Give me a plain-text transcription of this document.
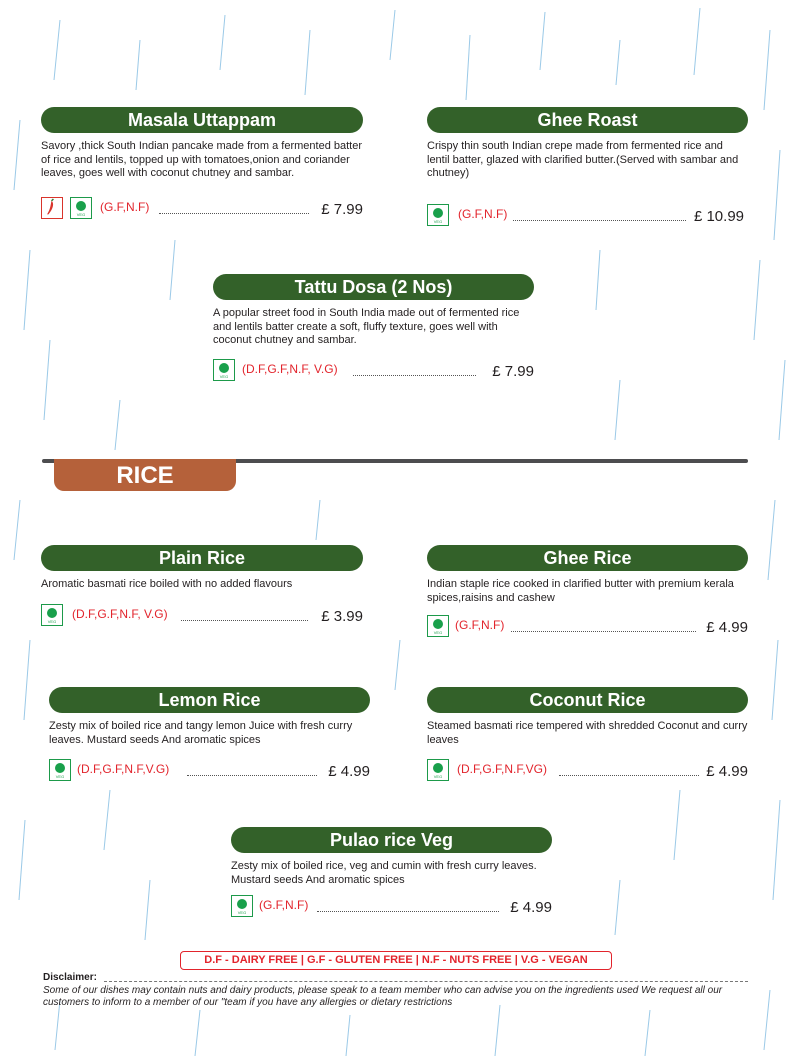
Masala Uttappam
Savory ,thick South Indian pancake made from a fermented batter of rice and lentils, topped up with tomatoes,onion and coriander leaves, goes well with coconut chutney and sambar.
VEG
(G.F,N.F)	£ 7.99
Ghee Roast
Crispy thin south Indian crepe made from fermented rice and lentil batter, glazed with clarified butter.(Served with sambar and chutney)
VEG
(G.F,N.F)	£ 10.99
Tattu Dosa (2 Nos)
A popular street food in South India made out of fermented rice and lentils batter create a soft, fluffy texture, goes well with coconut chutney and sambar.
VEG
(D.F,G.F,N.F, V.G)	£ 7.99
RICE
Plain Rice
Aromatic basmati rice boiled with no added flavours
VEG
(D.F,G.F,N.F, V.G)	£ 3.99
Ghee Rice
Indian staple rice cooked in clarified butter with premium kerala spices,raisins and cashew
VEG
(G.F,N.F)	£ 4.99
Lemon Rice
Zesty mix of boiled rice and tangy lemon Juice with fresh curry leaves. Mustard seeds And aromatic spices
VEG
(D.F,G.F,N.F,V.G)	£ 4.99
Coconut Rice
Steamed basmati rice tempered with shredded Coconut and curry leaves
VEG
(D.F,G.F,N.F,VG)	£ 4.99
Pulao rice Veg
Zesty mix of boiled rice, veg and cumin with fresh curry leaves. Mustard seeds And aromatic spices
VEG
(G.F,N.F)	£ 4.99
D.F - DAIRY FREE | G.F - GLUTEN FREE | N.F - NUTS FREE | V.G - VEGAN
Disclaimer:
Some of our dishes may contain nuts and dairy products, please speak to a team member who can advise you on the ingredients used We request all our customers to inform to a member of our "team if you have any allergies or dietary restrictions
